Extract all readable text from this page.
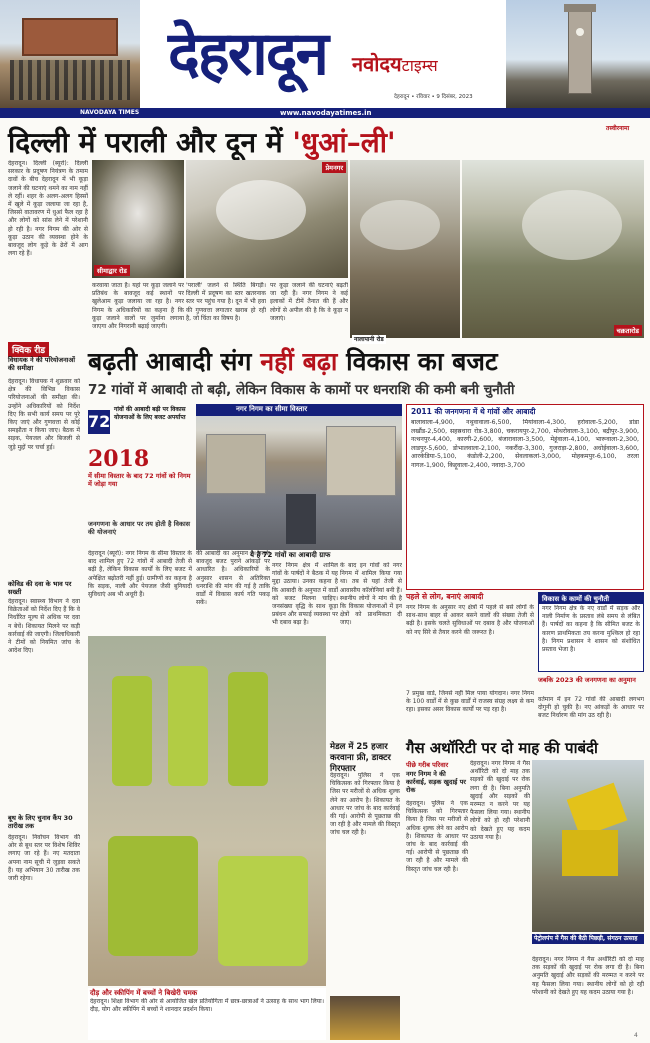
देहरादून नवोदयटाइम्स
देहरादून • रविवार • 9 दिसंबर, 2023
NAVODAYA TIMES	www.navodayatimes.in
तस्वीरनामा
दिल्ली में पराली और दून में 'धुआं–ली'
देहरादून। दिल्ली (ब्यूरो): दिल्ली सरकार के प्रदूषण नियंत्रण के तमाम दावों के बीच देहरादून में भी कूड़ा जलाने की घटनाएं थमने का नाम नहीं ले रहीं। शहर के अलग-अलग हिस्सों में खुले में कूड़ा जलाया जा रहा है, जिससे वातावरण में धुआं फैल रहा है और लोगों को सांस लेने में परेशानी हो रही है। नगर निगम की ओर से कूड़ा उठान की व्यवस्था होने के बावजूद लोग कूड़े के ढेरों में आग लगा रहे हैं।
सीमाद्वार रोड
प्रेमनगर
चक्रतारोड
करवाया जाता है। यहां पर कूड़ा जलाने पर प्रतिबंध के बावजूद कई स्थानों पर खुलेआम कूड़ा जलाया जा रहा है। नगर निगम के अधिकारियों का कहना है कि कूड़ा जलाने वालों पर जुर्माना लगाया जाएगा और निगरानी बढ़ाई जाएगी।
'पराली' जलने से स्थिति बिगड़ी। दिल्ली में प्रदूषण का स्तर खतरनाक स्तर पर पहुंच गया है। दून में भी हवा की गुणवत्ता लगातार खराब हो रही है, जो चिंता का विषय है।
पर कूड़ा जलाने की घटनाएं बढ़ती जा रही हैं। नगर निगम ने कई इलाकों में टीमें तैनात की हैं और लोगों से अपील की है कि वे कूड़ा न जलाएं।
नालापानी रोड
क्विक रीड
विधायक ने की परियोजनाओं की समीक्षा
देहरादून। विधायक ने शुक्रवार को क्षेत्र की विभिन्न विकास परियोजनाओं की समीक्षा की। उन्होंने अधिकारियों को निर्देश दिए कि सभी कार्य समय पर पूरे किए जाएं और गुणवत्ता से कोई समझौता न किया जाए। बैठक में सड़क, पेयजल और बिजली से जुड़े मुद्दों पर चर्चा हुई।
कोविड की दवा के भाव पर सख्ती
देहरादून। स्वास्थ्य विभाग ने दवा विक्रेताओं को निर्देश दिए हैं कि वे निर्धारित मूल्य से अधिक पर दवा न बेचें। शिकायत मिलने पर कड़ी कार्रवाई की जाएगी। जिलाधिकारी ने टीमों को नियमित जांच के आदेश दिए।
बूथ के लिए चुनाव कैंप 30 तारीख तक
देहरादून। निर्वाचन विभाग की ओर से बूथ स्तर पर विशेष शिविर लगाए जा रहे हैं। नए मतदाता अपना नाम सूची में जुड़वा सकते हैं। यह अभियान 30 तारीख तक जारी रहेगा।
बढ़ती आबादी संग नहीं बढ़ा विकास का बजट
72 गांवों में आबादी तो बढ़ी, लेकिन विकास के कामों पर धनराशि की कमी बनी चुनौती
72
गांवों की आबादी बढ़ी पर विकास योजनाओं के लिए बजट अपर्याप्त
2018
में सीमा विस्तार के बाद 72 गांवों को निगम में जोड़ा गया
जनगणना के आधार पर तय होती है विकास की योजनाएं
देहरादून (ब्यूरो): नगर निगम के सीमा विस्तार के बाद शामिल हुए 72 गांवों में आबादी तेजी से बढ़ी है, लेकिन विकास कार्यों के लिए बजट में अपेक्षित बढ़ोतरी नहीं हुई। ग्रामीणों का कहना है कि सड़क, नाली और पेयजल जैसी बुनियादी सुविधाएं अब भी अधूरी हैं।
की आबादी का अनुमान है। इसके बावजूद बजट पुराने आंकड़ों पर आधारित है। अधिकारियों के अनुसार शासन से अतिरिक्त धनराशि की मांग की गई है ताकि वार्डों में विकास कार्य गति पकड़ सकें।
नगर निगम का सीमा विस्तार
ये है 72 गांवों का आबादी ग्राफ
नगर निगम क्षेत्र में शामिल गांवों के पार्षदों ने बैठक में यह मुद्दा उठाया। उनका कहना है कि आबादी के अनुपात में वार्डों को बजट मिलना चाहिए। जनसंख्या वृद्धि के साथ कूड़ा प्रबंधन और सफाई व्यवस्था पर भी दबाव बढ़ा है।
के बाद इन गांवों को नगर निगम में शामिल किया गया था। तब से यहां तेजी से आवासीय कॉलोनियां बनी हैं। स्थानीय लोगों ने मांग की है कि विकास योजनाओं में इन क्षेत्रों को प्राथमिकता दी जाए।
2011 की जनगणना में थे गांवों और आबादी
बालावाला-4,900, नथुवावाला-6,500, मियांवाला-4,300, हर्रावाला-5,200, डांडा लखौंड-2,500, सहस्रधारा रोड-3,800, चकरायपुर-2,700, मोथरोवाला-3,100, बद्रीपुर-3,900, नत्थनपुर-4,400, कारगी-2,600, बंजारावाला-3,500, मेहूंवाला-4,100, भारूवाला-2,300, लाडपुर-5,600, डोभालवाला-2,100, नकरौंदा-3,300, गुजराड़ा-2,800, अधोईवाला-3,600, आरकेडिया-5,100, कंडोली-2,200, सेवलाकलां-3,000, मोहकमपुर-6,100, तरला नागल-1,900, किद्दूवाला-2,400, नवादा-3,700
पहले से लोग, बनाएं आबादी
नगर निगम के अनुसार नए क्षेत्रों में पहले से बसे लोगों के साथ-साथ बाहर से आकर बसने वालों की संख्या तेजी से बढ़ी है। इसके चलते सुविधाओं पर दबाव है और योजनाओं को नए सिरे से तैयार करने की जरूरत है।
विकास के कामों की चुनौती
नगर निगम क्षेत्र के नए वार्डों में सड़क और नाली निर्माण के प्रस्ताव लंबे समय से लंबित हैं। पार्षदों का कहना है कि सीमित बजट के कारण प्राथमिकता तय करना मुश्किल हो रहा है। निगम प्रशासन ने शासन को संशोधित प्रस्ताव भेजा है।
जबकि 2023 की जनगणना का अनुमान
वर्तमान में इन 72 गांवों की आबादी लगभग दोगुनी हो चुकी है। नए आंकड़ों के आधार पर बजट निर्धारण की मांग उठ रही है।
7 प्रमुख वार्ड, जिनसे नहीं मिल पाया योगदान। नगर निगम के 100 वार्डों में से कुछ वार्डों में राजस्व संग्रह लक्ष्य से कम रहा। इसका असर विकास कार्यों पर पड़ रहा है।
दौड़ और स्कीपिंग में बच्चों ने बिखेरी चमक
देहरादून। शिक्षा विभाग की ओर से आयोजित खेल प्रतियोगिता में छात्र-छात्राओं ने उत्साह के साथ भाग लिया। दौड़, योग और स्कीपिंग में बच्चों ने शानदार प्रदर्शन किया।
मेडल में 25 हजार करवाना फ्री, डाक्टर गिरफ्तार
देहरादून। पुलिस ने एक चिकित्सक को गिरफ्तार किया है जिस पर मरीजों से अधिक शुल्क लेने का आरोप है। शिकायत के आधार पर जांच के बाद कार्रवाई की गई। आरोपी से पूछताछ की जा रही है और मामले की विस्तृत जांच चल रही है।
गैस अथॉरिटी पर दो माह की पाबंदी
पीछे गरीब परिवार
नगर निगम ने की कार्रवाई, सड़क खुदाई पर रोक
देहरादून। नगर निगम ने गैस अथॉरिटी को दो माह तक सड़कों की खुदाई पर रोक लगा दी है। बिना अनुमति खुदाई और सड़कों की मरम्मत न करने पर यह फैसला लिया गया। स्थानीय लोगों को हो रही परेशानी को देखते हुए यह कदम उठाया गया है।
देहरादून। पुलिस ने एक चिकित्सक को गिरफ्तार किया है जिस पर मरीजों से अधिक शुल्क लेने का आरोप है। शिकायत के आधार पर जांच के बाद कार्रवाई की गई। आरोपी से पूछताछ की जा रही है और मामले की विस्तृत जांच चल रही है।
पेट्रोलपंप में गैस की बैठी पिछड़ी, संगठन उत्साह
देहरादून। नगर निगम ने गैस अथॉरिटी को दो माह तक सड़कों की खुदाई पर रोक लगा दी है। बिना अनुमति खुदाई और सड़कों की मरम्मत न करने पर यह फैसला लिया गया। स्थानीय लोगों को हो रही परेशानी को देखते हुए यह कदम उठाया गया है।
4
